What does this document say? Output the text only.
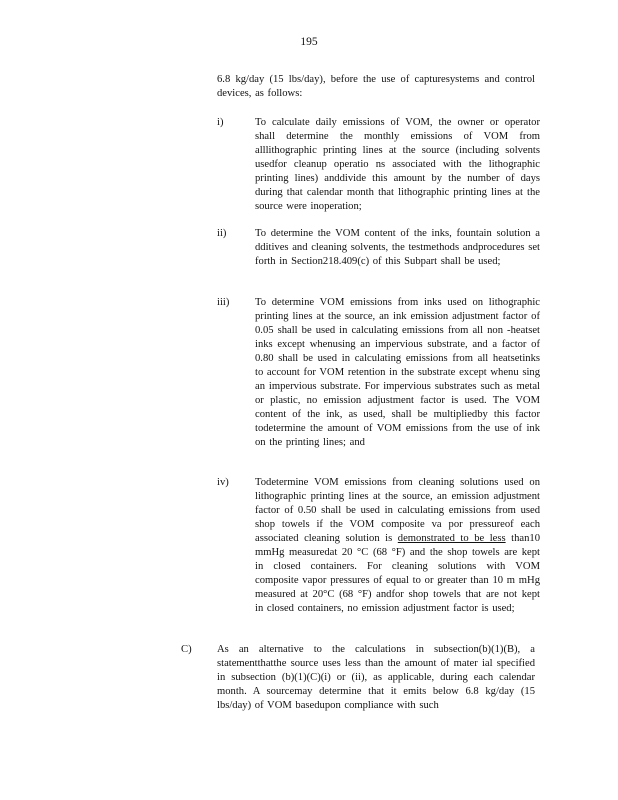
195
6.8 kg/day (15 lbs/day), before the use of capturesystems and control devices, as follows:
i)	To calculate daily emissions of VOM, the owner or operator shall determine the monthly emissions of VOM from alllithographic printing lines at the source (including solvents usedfor cleanup operatio ns associated with the lithographic printing lines) anddivide this amount by the number of days during that calendar month that lithographic printing lines at the source were inoperation;
ii)	To determine the VOM content of the inks, fountain solution a dditives and cleaning solvents, the testmethods andprocedures set forth in Section218.409(c) of this Subpart shall be used;
iii) To determine VOM emissions from inks used on lithographic printing lines at the source, an ink emission adjustment factor of 0.05 shall be used in calculating emissions from all non -heatset inks except whenusing an impervious substrate, and a factor of 0.80 shall be used in calculating emissions from all heatsetinks to account for VOM retention in the substrate except whenu sing an impervious substrate. For impervious substrates such as metal or plastic, no emission adjustment factor is used. The VOM content of the ink, as used, shall be multipliedby this factor todetermine the amount of VOM emissions from the use of ink on the printing lines; and
iv) Todetermine VOM emissions from cleaning solutions used on lithographic printing lines at the source, an emission adjustment factor of 0.50 shall be used in calculating emissions from used shop towels if the VOM composite va por pressureof each associated cleaning solution is demonstrated to be less than10 mmHg measuredat 20 °C (68 °F) and the shop towels are kept in closed containers. For cleaning solutions with VOM composite vapor pressures of equal to or greater than 10 m mHg measured at 20°C (68 °F) andfor shop towels that are not kept in closed containers, no emission adjustment factor is used;
C) As an alternative to the calculations in subsection(b)(1)(B), a statementthatthe source uses less than the amount of mater ial specified in subsection (b)(1)(C)(i) or (ii), as applicable, during each calendar month. A sourcemay determine that it emits below 6.8 kg/day (15 lbs/day) of VOM basedupon compliance with such
